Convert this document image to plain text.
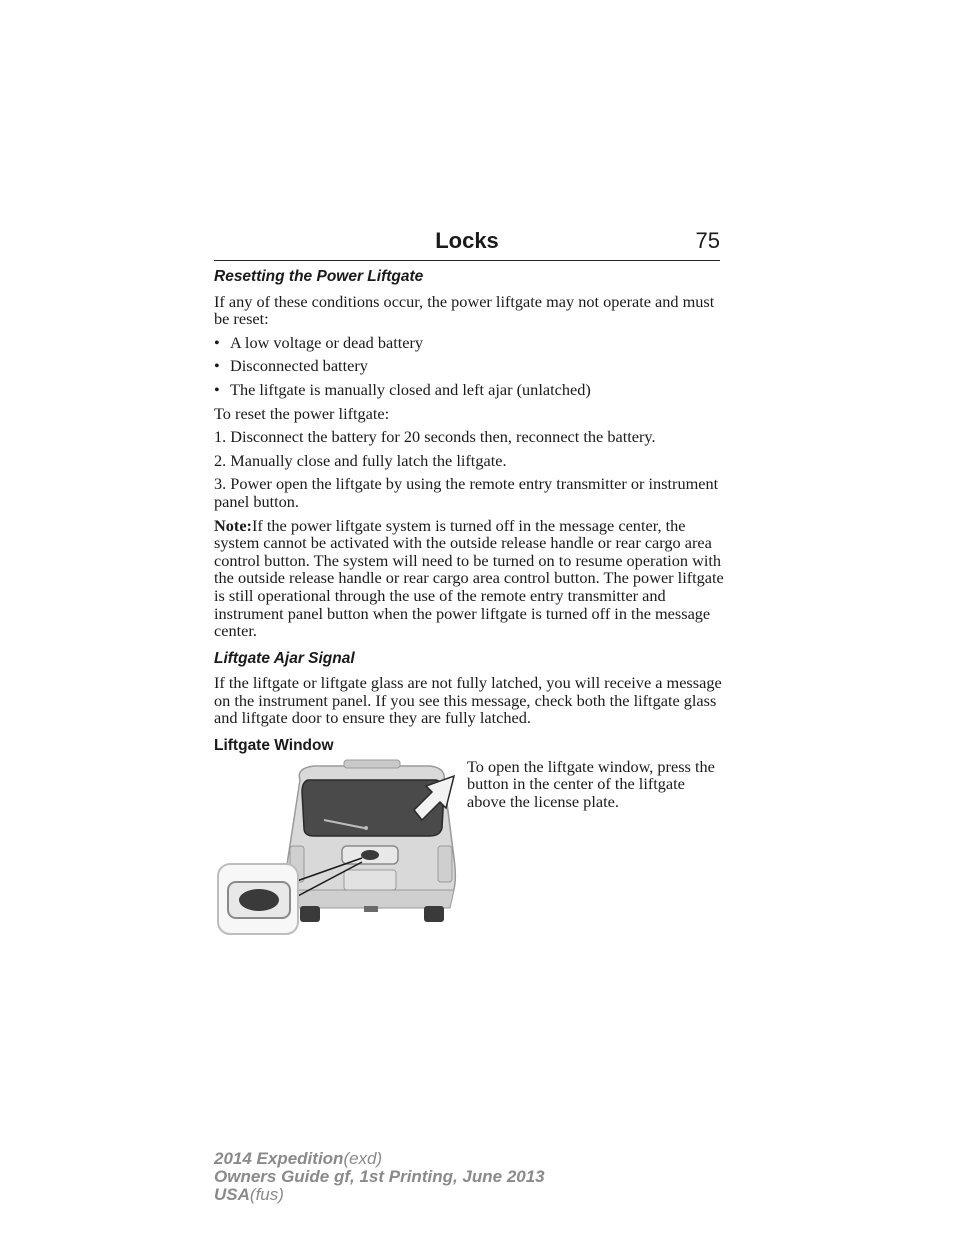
Locks	75
Resetting the Power Liftgate

If any of these conditions occur, the power liftgate may not operate and must be reset:

• A low voltage or dead battery
• Disconnected battery
• The liftgate is manually closed and left ajar (unlatched)

To reset the power liftgate:

1. Disconnect the battery for 20 seconds then, reconnect the battery.

2. Manually close and fully latch the liftgate.

3. Power open the liftgate by using the remote entry transmitter or instrument panel button.

Note:If the power liftgate system is turned off in the message center, the system cannot be activated with the outside release handle or rear cargo area control button. The system will need to be turned on to resume operation with the outside release handle or rear cargo area control button. The power liftgate is still operational through the use of the remote entry transmitter and instrument panel button when the power liftgate is turned off in the message center.

Liftgate Ajar Signal

If the liftgate or liftgate glass are not fully latched, you will receive a message on the instrument panel. If you see this message, check both the liftgate glass and liftgate door to ensure they are fully latched.

Liftgate Window

To open the liftgate window, press the button in the center of the liftgate above the license plate.

2014 Expedition(exd)
Owners Guide gf, 1st Printing, June 2013
USA(fus)
